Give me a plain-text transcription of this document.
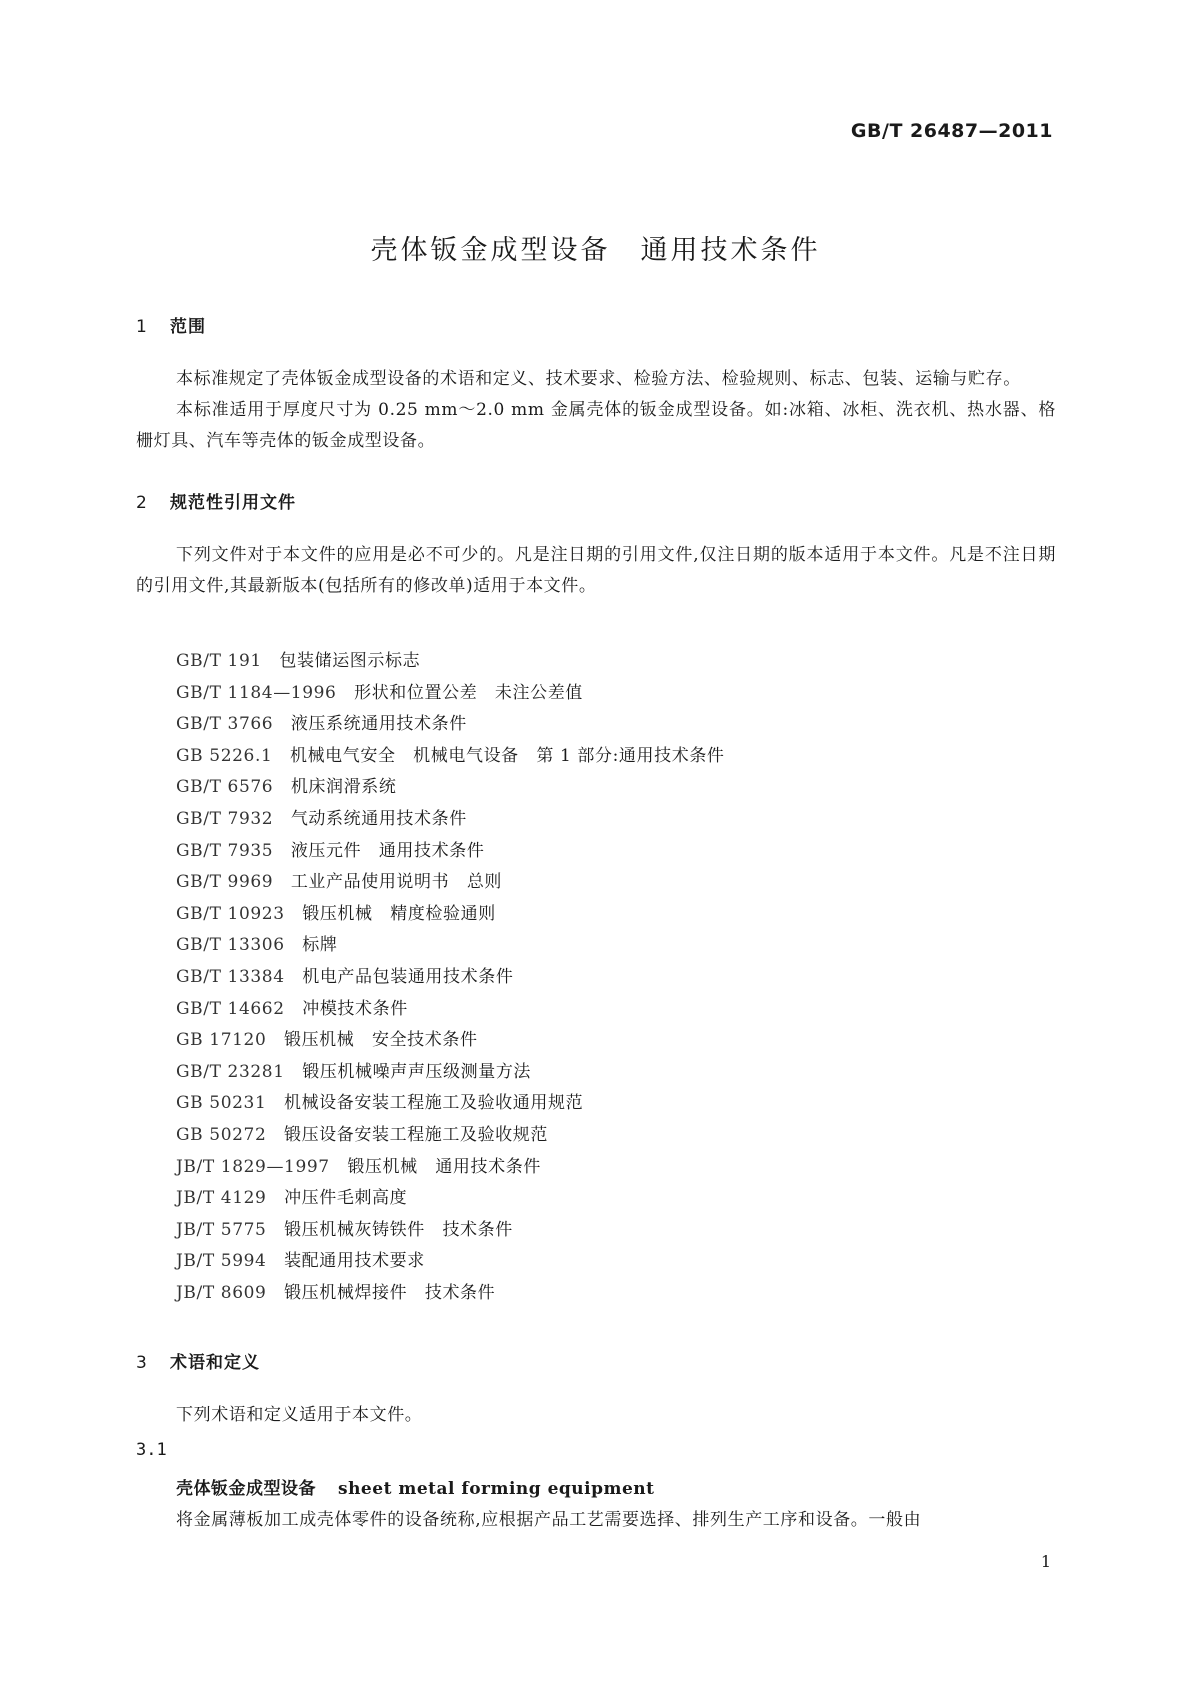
GB/T 26487—2011
壳体钣金成型设备　通用技术条件
1 范围
本标准规定了壳体钣金成型设备的术语和定义、技术要求、检验方法、检验规则、标志、包装、运输与贮存。
本标准适用于厚度尺寸为 0.25 mm～2.0 mm 金属壳体的钣金成型设备。如:冰箱、冰柜、洗衣机、热水器、格栅灯具、汽车等壳体的钣金成型设备。
2 规范性引用文件
下列文件对于本文件的应用是必不可少的。凡是注日期的引用文件,仅注日期的版本适用于本文件。凡是不注日期的引用文件,其最新版本(包括所有的修改单)适用于本文件。
GB/T 191　 包装储运图示标志
GB/T 1184—1996　 形状和位置公差　未注公差值
GB/T 3766　 液压系统通用技术条件
GB 5226.1　 机械电气安全　机械电气设备　第 1 部分:通用技术条件
GB/T 6576　 机床润滑系统
GB/T 7932　 气动系统通用技术条件
GB/T 7935　 液压元件　通用技术条件
GB/T 9969　 工业产品使用说明书　总则
GB/T 10923　 锻压机械　精度检验通则
GB/T 13306　 标牌
GB/T 13384　 机电产品包装通用技术条件
GB/T 14662　 冲模技术条件
GB 17120　 锻压机械　安全技术条件
GB/T 23281　 锻压机械噪声声压级测量方法
GB 50231　 机械设备安装工程施工及验收通用规范
GB 50272　 锻压设备安装工程施工及验收规范
JB/T 1829—1997　 锻压机械　通用技术条件
JB/T 4129　 冲压件毛刺高度
JB/T 5775　 锻压机械灰铸铁件　技术条件
JB/T 5994　 装配通用技术要求
JB/T 8609　 锻压机械焊接件　技术条件
3 术语和定义
下列术语和定义适用于本文件。
3.1
壳体钣金成型设备 sheet metal forming equipment
将金属薄板加工成壳体零件的设备统称,应根据产品工艺需要选择、排列生产工序和设备。一般由
1
